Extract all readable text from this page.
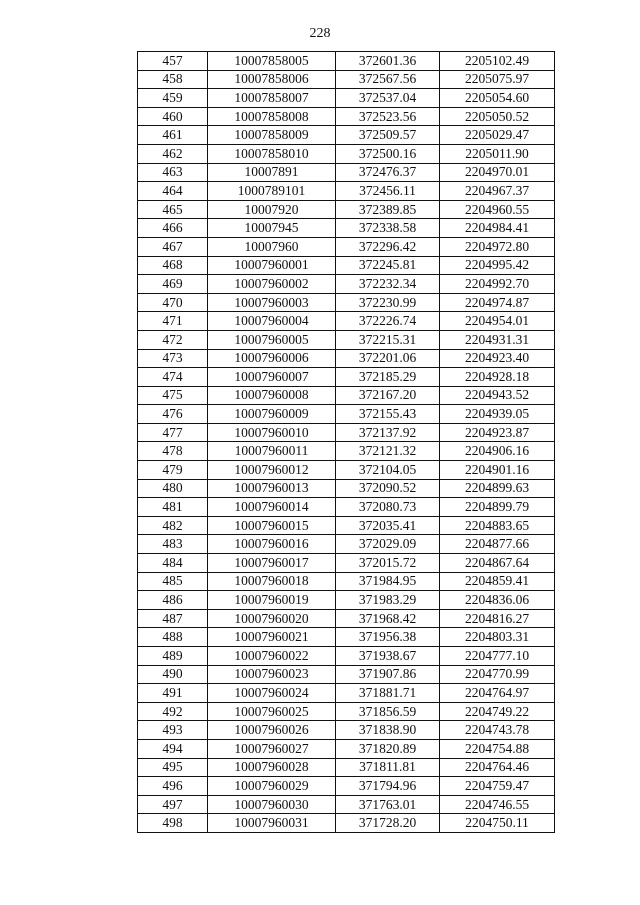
228
457	10007858005	372601.36	2205102.49
458	10007858006	372567.56	2205075.97
459	10007858007	372537.04	2205054.60
460	10007858008	372523.56	2205050.52
461	10007858009	372509.57	2205029.47
462	10007858010	372500.16	2205011.90
463	10007891	372476.37	2204970.01
464	1000789101	372456.11	2204967.37
465	10007920	372389.85	2204960.55
466	10007945	372338.58	2204984.41
467	10007960	372296.42	2204972.80
468	10007960001	372245.81	2204995.42
469	10007960002	372232.34	2204992.70
470	10007960003	372230.99	2204974.87
471	10007960004	372226.74	2204954.01
472	10007960005	372215.31	2204931.31
473	10007960006	372201.06	2204923.40
474	10007960007	372185.29	2204928.18
475	10007960008	372167.20	2204943.52
476	10007960009	372155.43	2204939.05
477	10007960010	372137.92	2204923.87
478	10007960011	372121.32	2204906.16
479	10007960012	372104.05	2204901.16
480	10007960013	372090.52	2204899.63
481	10007960014	372080.73	2204899.79
482	10007960015	372035.41	2204883.65
483	10007960016	372029.09	2204877.66
484	10007960017	372015.72	2204867.64
485	10007960018	371984.95	2204859.41
486	10007960019	371983.29	2204836.06
487	10007960020	371968.42	2204816.27
488	10007960021	371956.38	2204803.31
489	10007960022	371938.67	2204777.10
490	10007960023	371907.86	2204770.99
491	10007960024	371881.71	2204764.97
492	10007960025	371856.59	2204749.22
493	10007960026	371838.90	2204743.78
494	10007960027	371820.89	2204754.88
495	10007960028	371811.81	2204764.46
496	10007960029	371794.96	2204759.47
497	10007960030	371763.01	2204746.55
498	10007960031	371728.20	2204750.11
